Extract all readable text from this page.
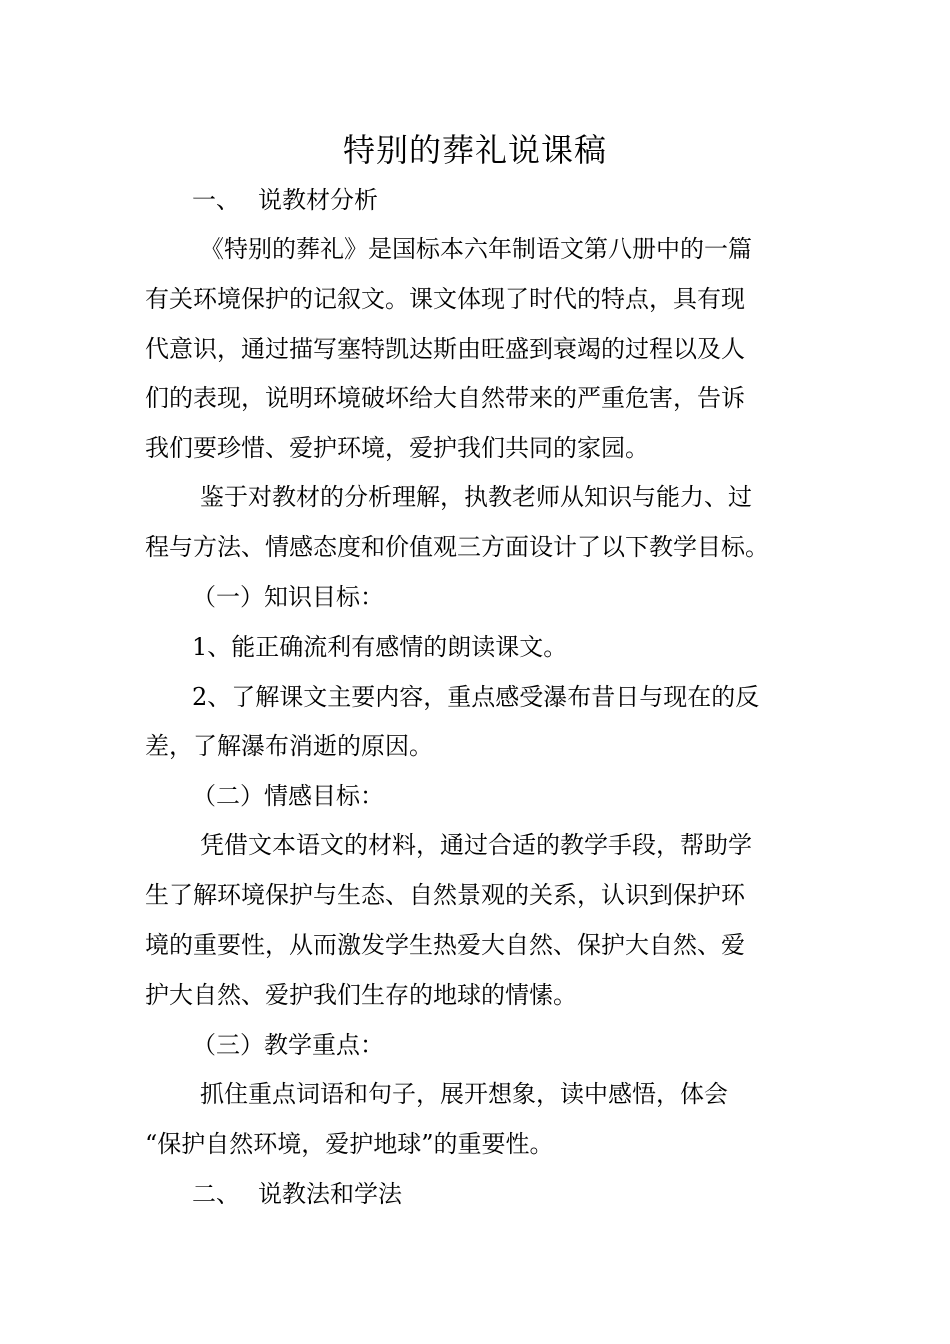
特别的葬礼说课稿
一、 说教材分析
《特别的葬礼》是国标本六年制语文第八册中的一篇
有关环境保护的记叙文。课文体现了时代的特点，具有现
代意识，通过描写塞特凯达斯由旺盛到衰竭的过程以及人
们的表现，说明环境破坏给大自然带来的严重危害，告诉
我们要珍惜、爱护环境，爱护我们共同的家园。
鉴于对教材的分析理解，执教老师从知识与能力、过
程与方法、情感态度和价值观三方面设计了以下教学目标。
（一）知识目标：
1、能正确流利有感情的朗读课文。
2、了解课文主要内容，重点感受瀑布昔日与现在的反
差，了解瀑布消逝的原因。
（二）情感目标：
凭借文本语文的材料，通过合适的教学手段，帮助学
生了解环境保护与生态、自然景观的关系，认识到保护环
境的重要性，从而激发学生热爱大自然、保护大自然、爱
护大自然、爱护我们生存的地球的情愫。
（三）教学重点：
抓住重点词语和句子，展开想象，读中感悟，体会
“保护自然环境，爱护地球”的重要性。
二、 说教法和学法
